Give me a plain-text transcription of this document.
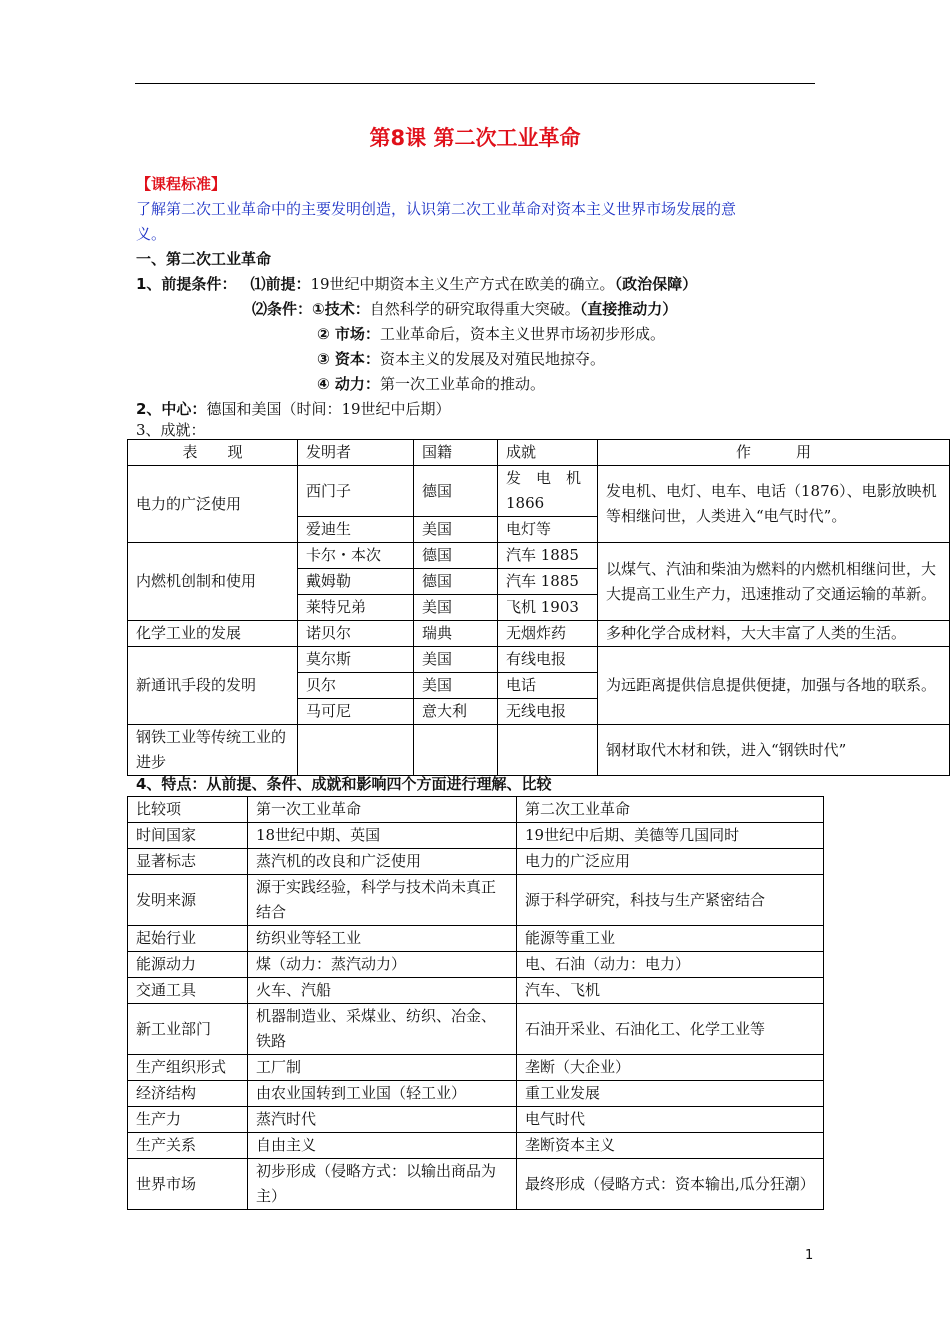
第8课 第二次工业革命
【课程标准】
了解第二次工业革命中的主要发明创造，认识第二次工业革命对资本主义世界市场发展的意
义。
一、第二次工业革命
1、前提条件： ⑴前提：19世纪中期资本主义生产方式在欧美的确立。（政治保障）
⑵条件：①技术：自然科学的研究取得重大突破。（直接推动力）
② 市场：工业革命后，资本主义世界市场初步形成。
③ 资本：资本主义的发展及对殖民地掠夺。
④ 动力：第一次工业革命的推动。
2、中心：德国和美国（时间：19世纪中后期）
3、成就：
表　　现	发明者	国籍	成就	作　　　用
电力的广泛使用	西门子	德国	发　电　机 1866	发电机、电灯、电车、电话（1876）、电影放映机等相继问世，人类进入“电气时代”。
	爱迪生	美国	电灯等	
内燃机创制和使用	卡尔・本次	德国	汽车 1885	以煤气、汽油和柴油为燃料的内燃机相继问世，大大提高工业生产力，迅速推动了交通运输的革新。
	戴姆勒	德国	汽车 1885	
	莱特兄弟	美国	飞机 1903	
化学工业的发展	诺贝尔	瑞典	无烟炸药	多种化学合成材料，大大丰富了人类的生活。
新通讯手段的发明	莫尔斯	美国	有线电报	为远距离提供信息提供便捷，加强与各地的联系。
	贝尔	美国	电话	
	马可尼	意大利	无线电报	
钢铁工业等传统工业的进步				钢材取代木材和铁，进入“钢铁时代”
4、特点：从前提、条件、成就和影响四个方面进行理解、比较
比较项	第一次工业革命	第二次工业革命
时间国家	18世纪中期、英国	19世纪中后期、美德等几国同时
显著标志	蒸汽机的改良和广泛使用	电力的广泛应用
发明来源	源于实践经验，科学与技术尚未真正结合	源于科学研究，科技与生产紧密结合
起始行业	纺织业等轻工业	能源等重工业
能源动力	煤（动力：蒸汽动力）	电、石油（动力：电力）
交通工具	火车、汽船	汽车、飞机
新工业部门	机器制造业、采煤业、纺织、冶金、铁路	石油开采业、石油化工、化学工业等
生产组织形式	工厂制	垄断（大企业）
经济结构	由农业国转到工业国（轻工业）	重工业发展
生产力	蒸汽时代	电气时代
生产关系	自由主义	垄断资本主义
世界市场	初步形成（侵略方式：以输出商品为主）	最终形成（侵略方式：资本输出,瓜分狂潮）
1
